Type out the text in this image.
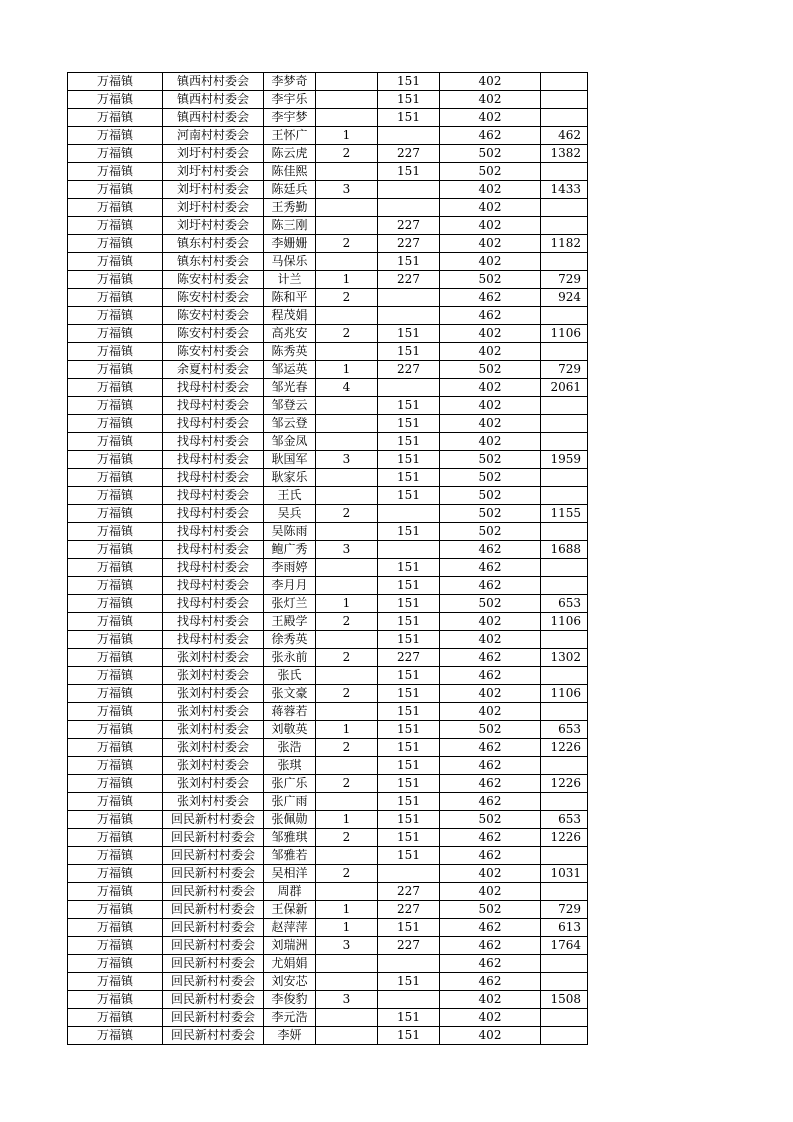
万福镇	镇西村村委会	李梦奇		151	402	
万福镇	镇西村村委会	李宇乐		151	402	
万福镇	镇西村村委会	李宇梦		151	402	
万福镇	河南村村委会	王怀广	1		462	462
万福镇	刘圩村村委会	陈云虎	2	227	502	1382
万福镇	刘圩村村委会	陈佳熙		151	502	
万福镇	刘圩村村委会	陈廷兵	3		402	1433
万福镇	刘圩村村委会	王秀勤			402	
万福镇	刘圩村村委会	陈三刚		227	402	
万福镇	镇东村村委会	李姗姗	2	227	402	1182
万福镇	镇东村村委会	马保乐		151	402	
万福镇	陈安村村委会	计兰	1	227	502	729
万福镇	陈安村村委会	陈和平	2		462	924
万福镇	陈安村村委会	程茂娟			462	
万福镇	陈安村村委会	高兆安	2	151	402	1106
万福镇	陈安村村委会	陈秀英		151	402	
万福镇	余夏村村委会	邹运英	1	227	502	729
万福镇	找母村村委会	邹光春	4		402	2061
万福镇	找母村村委会	邹登云		151	402	
万福镇	找母村村委会	邹云登		151	402	
万福镇	找母村村委会	邹金凤		151	402	
万福镇	找母村村委会	耿国军	3	151	502	1959
万福镇	找母村村委会	耿家乐		151	502	
万福镇	找母村村委会	王氏		151	502	
万福镇	找母村村委会	吴兵	2		502	1155
万福镇	找母村村委会	吴陈雨		151	502	
万福镇	找母村村委会	鲍广秀	3		462	1688
万福镇	找母村村委会	李雨婷		151	462	
万福镇	找母村村委会	李月月		151	462	
万福镇	找母村村委会	张灯兰	1	151	502	653
万福镇	找母村村委会	王殿学	2	151	402	1106
万福镇	找母村村委会	徐秀英		151	402	
万福镇	张刘村村委会	张永前	2	227	462	1302
万福镇	张刘村村委会	张氏		151	462	
万福镇	张刘村村委会	张文豪	2	151	402	1106
万福镇	张刘村村委会	蒋蓉若		151	402	
万福镇	张刘村村委会	刘敬英	1	151	502	653
万福镇	张刘村村委会	张浩	2	151	462	1226
万福镇	张刘村村委会	张琪		151	462	
万福镇	张刘村村委会	张广乐	2	151	462	1226
万福镇	张刘村村委会	张广雨		151	462	
万福镇	回民新村村委会	张佩勋	1	151	502	653
万福镇	回民新村村委会	邹雅琪	2	151	462	1226
万福镇	回民新村村委会	邹雅若		151	462	
万福镇	回民新村村委会	吴相洋	2		402	1031
万福镇	回民新村村委会	周群		227	402	
万福镇	回民新村村委会	王保新	1	227	502	729
万福镇	回民新村村委会	赵萍萍	1	151	462	613
万福镇	回民新村村委会	刘瑞洲	3	227	462	1764
万福镇	回民新村村委会	尤娟娟			462	
万福镇	回民新村村委会	刘安芯		151	462	
万福镇	回民新村村委会	李俊豹	3		402	1508
万福镇	回民新村村委会	李元浩		151	402	
万福镇	回民新村村委会	李妍		151	402	
